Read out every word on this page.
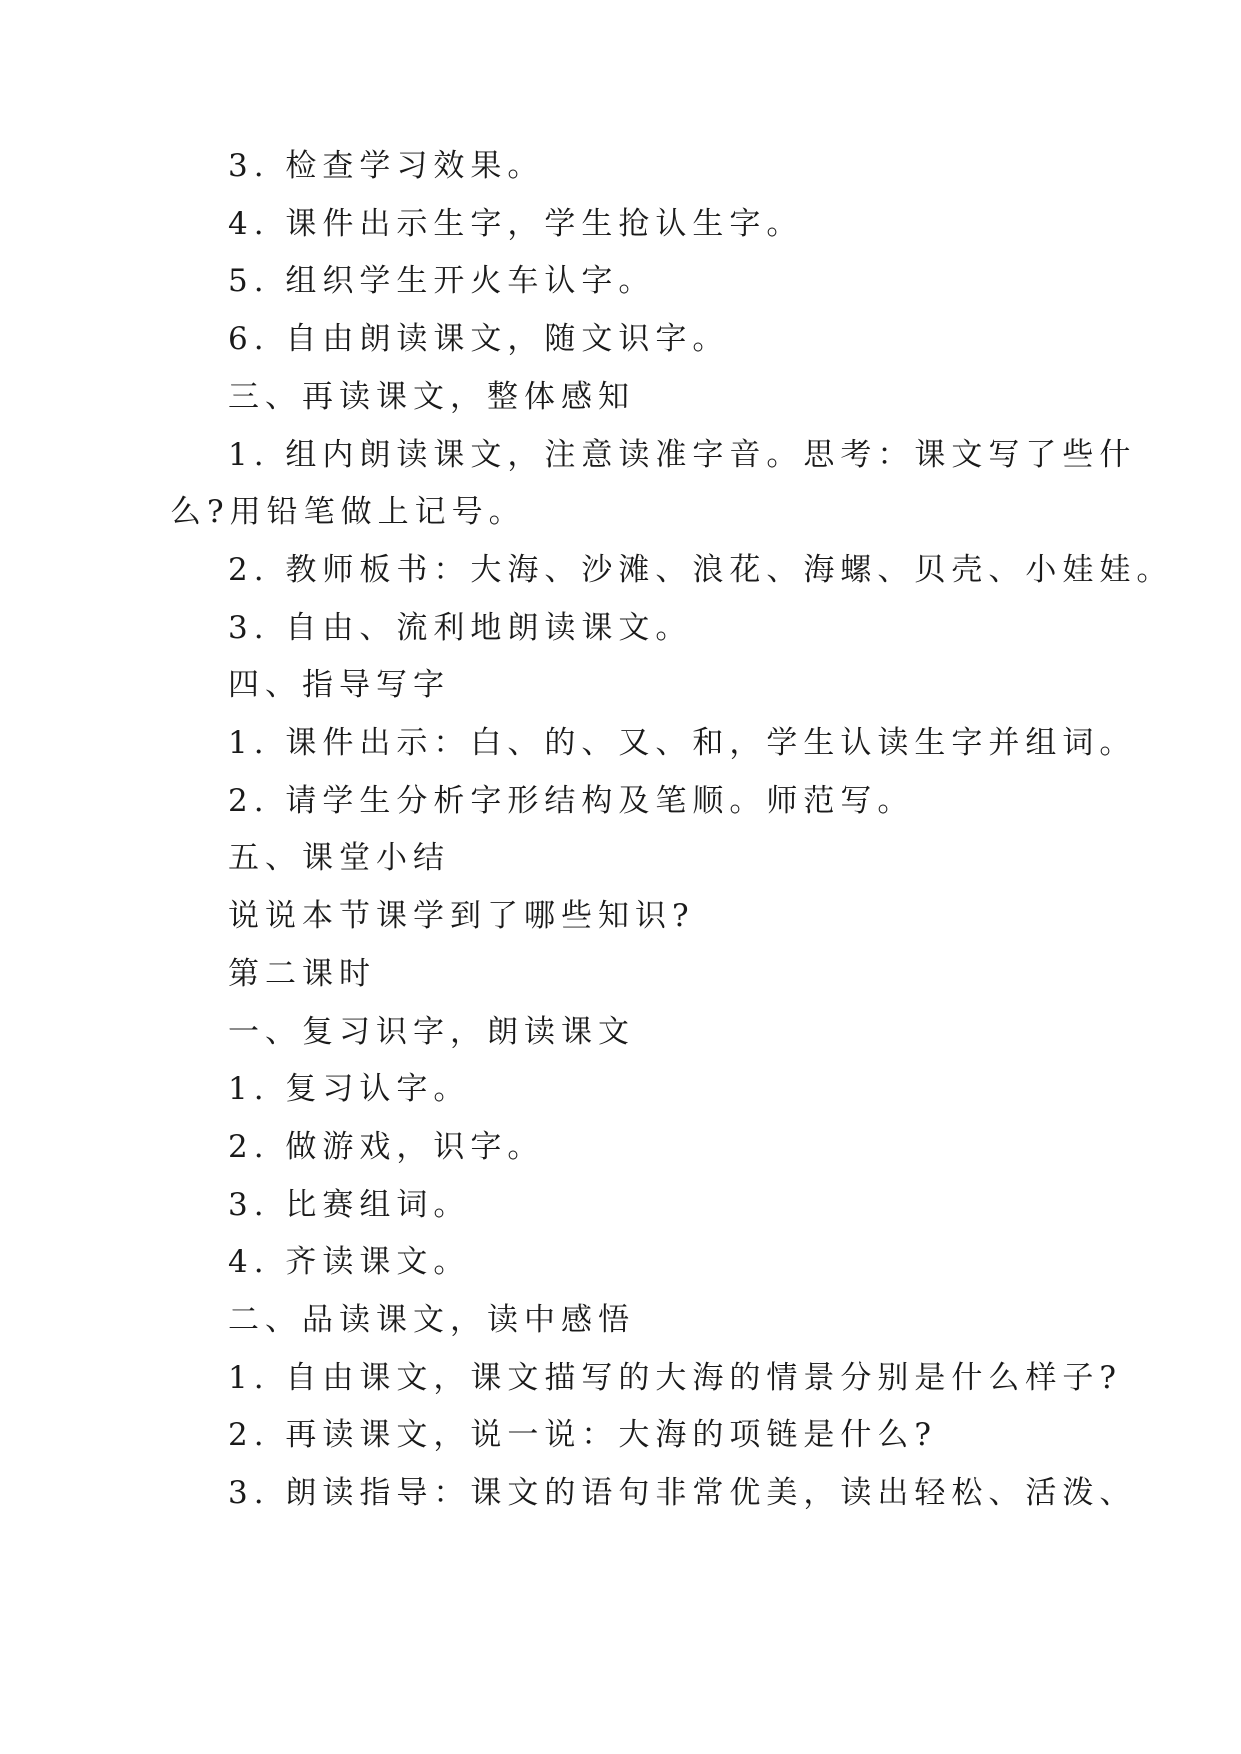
3. 检查学习效果。
4. 课件出示生字，学生抢认生字。
5. 组织学生开火车认字。
6. 自由朗读课文，随文识字。
三、再读课文，整体感知
1. 组内朗读课文，注意读准字音。思考：课文写了些什
么?用铅笔做上记号。
2. 教师板书：大海、沙滩、浪花、海螺、贝壳、小娃娃。
3. 自由、流利地朗读课文。
四、指导写字
1. 课件出示：白、的、又、和，学生认读生字并组词。
2. 请学生分析字形结构及笔顺。师范写。
五、课堂小结
说说本节课学到了哪些知识?
第二课时
一、复习识字，朗读课文
1. 复习认字。
2. 做游戏，识字。
3. 比赛组词。
4. 齐读课文。
二、品读课文，读中感悟
1. 自由课文，课文描写的大海的情景分别是什么样子?
2. 再读课文，说一说：大海的项链是什么?
3. 朗读指导：课文的语句非常优美，读出轻松、活泼、
